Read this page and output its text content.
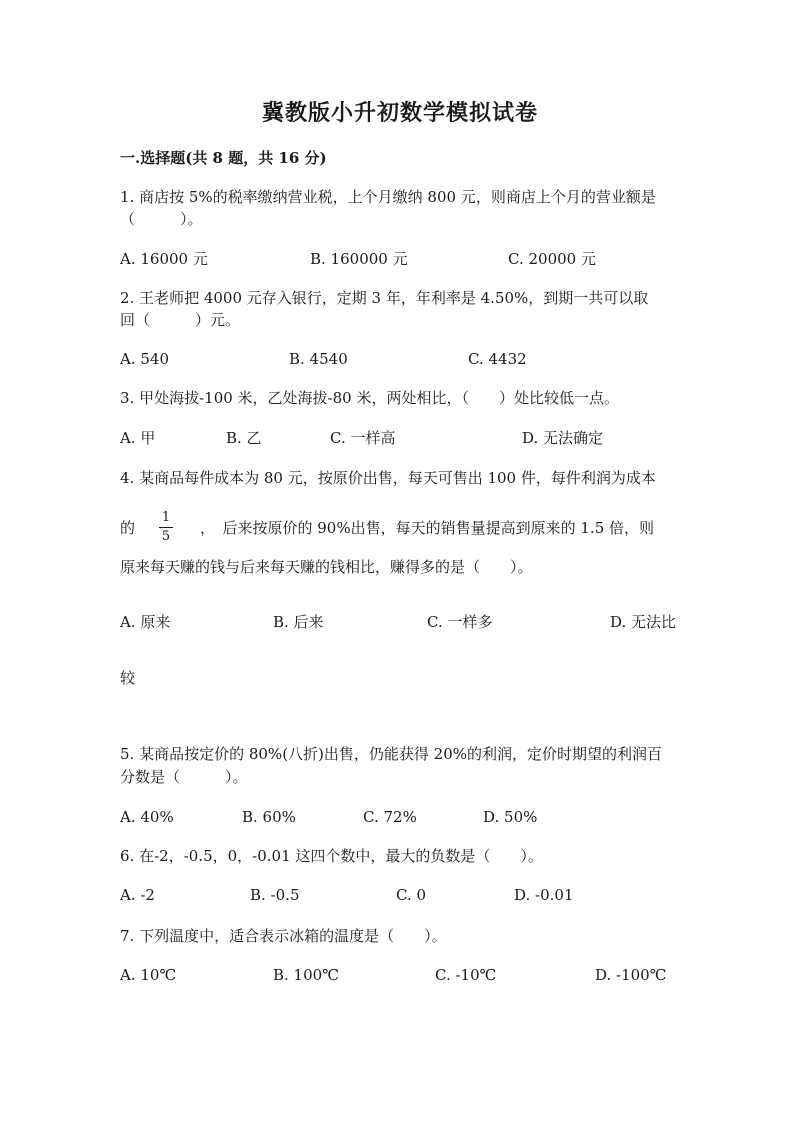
冀教版小升初数学模拟试卷
一.选择题(共 8 题，共 16 分)
1. 商店按 5%的税率缴纳营业税，上个月缴纳 800 元，则商店上个月的营业额是
（　　　）。
A. 16000 元	B. 160000 元	C. 20000 元
2. 王老师把 4000 元存入银行，定期 3 年，年利率是 4.50%，到期一共可以取
回（　　　）元。
A. 540	B. 4540	C. 4432
3. 甲处海拔-100 米，乙处海拔-80 米，两处相比，（　　）处比较低一点。
A. 甲	B. 乙	C. 一样高	D. 无法确定
4. 某商品每件成本为 80 元，按原价出售，每天可售出 100 件，每件利润为成本
的
1
5 ，　后来按原价的 90%出售，每天的销售量提高到原来的 1.5 倍，则
原来每天赚的钱与后来每天赚的钱相比，赚得多的是（　　）。
A. 原来	B. 后来	C. 一样多	D. 无法比
较
5. 某商品按定价的 80%(八折)出售，仍能获得 20%的利润，定价时期望的利润百
分数是（　　　）。
A. 40%	B. 60%	C. 72%	D. 50%
6. 在-2，-0.5，0，-0.01 这四个数中，最大的负数是（　　）。
A. -2	B. -0.5	C. 0	D. -0.01
7. 下列温度中，适合表示冰箱的温度是（　　）。
A. 10℃	B. 100℃	C. -10℃	D. -100℃
